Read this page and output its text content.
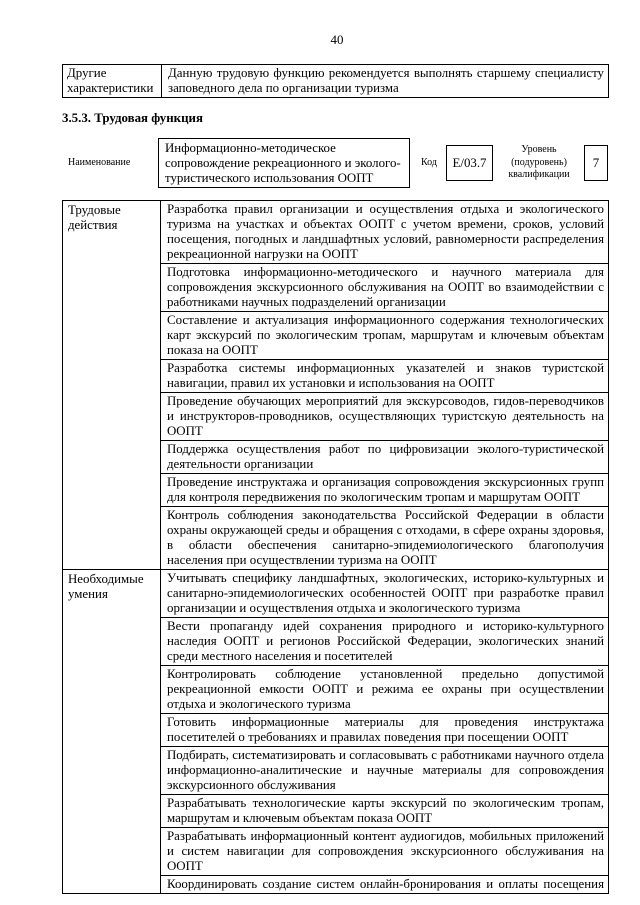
40
Другие характеристики	Данную трудовую функцию рекомендуется выполнять старшему специалисту заповедного дела по организации туризма
3.5.3. Трудовая функция
Наименование
Информационно-методическое сопровождение рекреационного и эколого-туристического использования ООПТ
Код Е/03.7
Уровень (подуровень) квалификации
7
Трудовые действия	Разработка правил организации и осуществления отдыха и экологического туризма на участках и объектах ООПТ с учетом времени, сроков, условий посещения, погодных и ландшафтных условий, равномерности распределения рекреационной нагрузки на ООПТ
	Подготовка информационно-методического и научного материала для сопровождения экскурсионного обслуживания на ООПТ во взаимодействии с работниками научных подразделений организации
	Составление и актуализация информационного содержания технологических карт экскурсий по экологическим тропам, маршрутам и ключевым объектам показа на ООПТ
	Разработка системы информационных указателей и знаков туристской навигации, правил их установки и использования на ООПТ
	Проведение обучающих мероприятий для экскурсоводов, гидов-переводчиков и инструкторов-проводников, осуществляющих туристскую деятельность на ООПТ
	Поддержка осуществления работ по цифровизации эколого-туристической деятельности организации
	Проведение инструктажа и организация сопровождения экскурсионных групп для контроля передвижения по экологическим тропам и маршрутам ООПТ
	Контроль соблюдения законодательства Российской Федерации в области охраны окружающей среды и обращения с отходами, в сфере охраны здоровья, в области обеспечения санитарно-эпидемиологического благополучия населения при осуществлении туризма на ООПТ
Необходимые умения	Учитывать специфику ландшафтных, экологических, историко-культурных и санитарно-эпидемиологических особенностей ООПТ при разработке правил организации и осуществления отдыха и экологического туризма
	Вести пропаганду идей сохранения природного и историко-культурного наследия ООПТ и регионов Российской Федерации, экологических знаний среди местного населения и посетителей
	Контролировать соблюдение установленной предельно допустимой рекреационной емкости ООПТ и режима ее охраны при осуществлении отдыха и экологического туризма
	Готовить информационные материалы для проведения инструктажа посетителей о требованиях и правилах поведения при посещении ООПТ
	Подбирать, систематизировать и согласовывать с работниками научного отдела информационно-аналитические и научные материалы для сопровождения экскурсионного обслуживания
	Разрабатывать технологические карты экскурсий по экологическим тропам, маршрутам и ключевым объектам показа ООПТ
	Разрабатывать информационный контент аудиогидов, мобильных приложений и систем навигации для сопровождения экскурсионного обслуживания на ООПТ
	Координировать создание систем онлайн-бронирования и оплаты посещения
